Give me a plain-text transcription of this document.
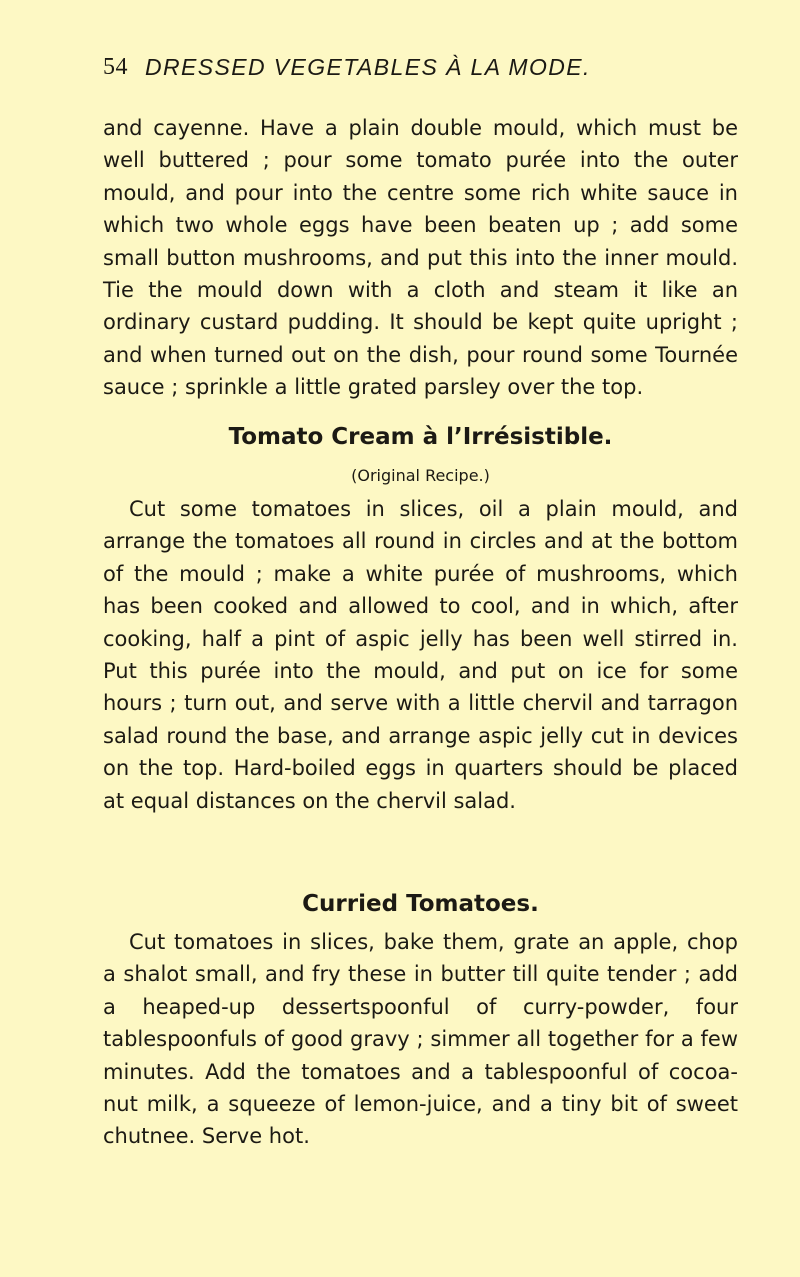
54 DRESSED VEGETABLES À LA MODE.

and cayenne. Have a plain double mould, which must be well buttered ; pour some tomato purée into the outer mould, and pour into the centre some rich white sauce in which two whole eggs have been beaten up ; add some small button mushrooms, and put this into the inner mould. Tie the mould down with a cloth and steam it like an ordinary custard pudding. It should be kept quite upright ; and when turned out on the dish, pour round some Tournée sauce ; sprinkle a little grated parsley over the top.

Tomato Cream à l’Irrésistible.
(Original Recipe.)

Cut some tomatoes in slices, oil a plain mould, and arrange the tomatoes all round in circles and at the bottom of the mould ; make a white purée of mushrooms, which has been cooked and allowed to cool, and in which, after cooking, half a pint of aspic jelly has been well stirred in. Put this purée into the mould, and put on ice for some hours ; turn out, and serve with a little chervil and tarragon salad round the base, and arrange aspic jelly cut in devices on the top. Hard-boiled eggs in quarters should be placed at equal distances on the chervil salad.

Curried Tomatoes.

Cut tomatoes in slices, bake them, grate an apple, chop a shalot small, and fry these in butter till quite tender ; add a heaped-up dessertspoonful of curry-powder, four tablespoonfuls of good gravy ; simmer all together for a few minutes. Add the tomatoes and a tablespoonful of cocoa-nut milk, a squeeze of lemon-juice, and a tiny bit of sweet chutnee. Serve hot.
